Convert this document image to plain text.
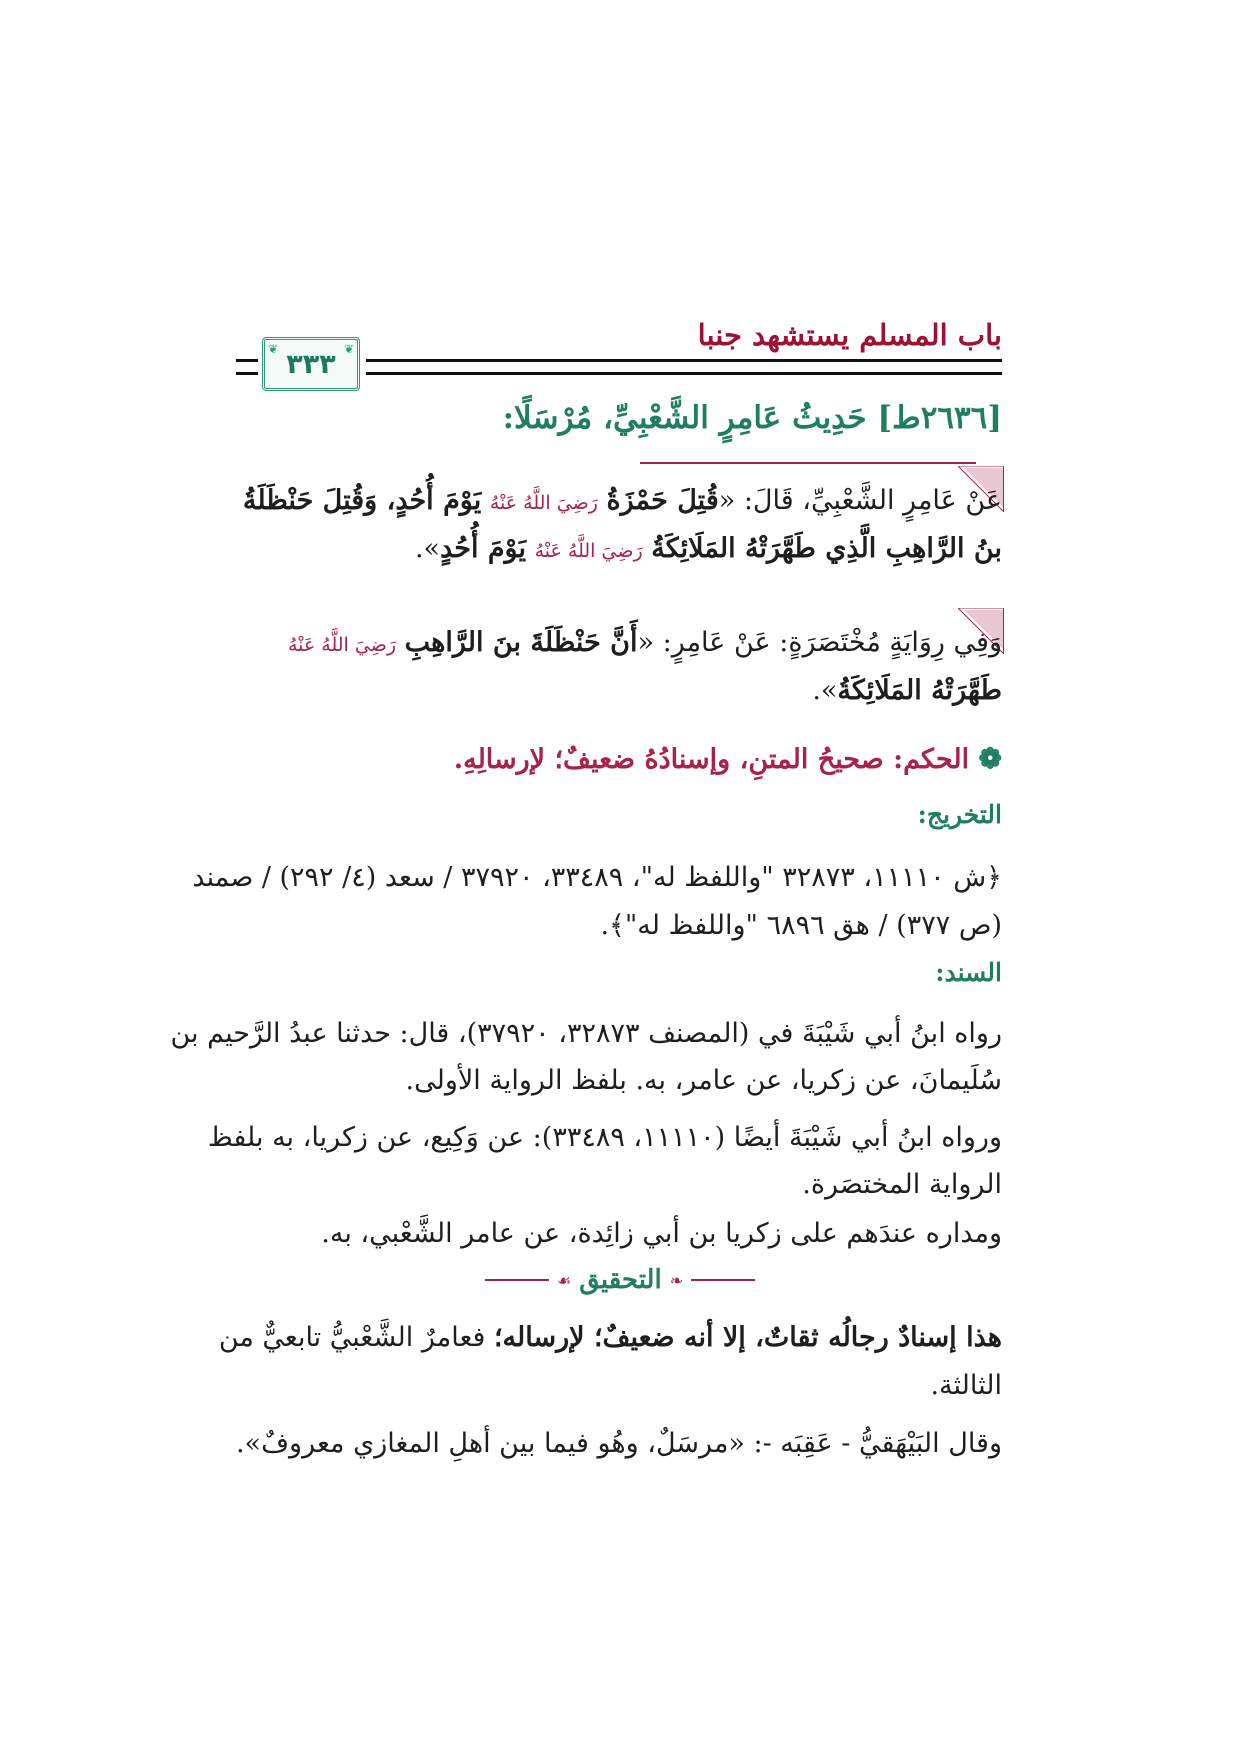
باب المسلم يستشهد جنبا
❦ ٣٣٣
❦
[٢٦٣٦ط] حَدِيثُ عَامِرٍ الشَّعْبِيِّ، مُرْسَلًا:
عَنْ عَامِرٍ الشَّعْبِيِّ، قَالَ: «قُتِلَ حَمْزَةُ رَضِيَ اللَّهُ عَنْهُ يَوْمَ أُحُدٍ، وَقُتِلَ حَنْظَلَةُ بنُ الرَّاهِبِ الَّذِي طَهَّرَتْهُ المَلَائِكَةُ رَضِيَ اللَّهُ عَنْهُ يَوْمَ أُحُدٍ».
وَفِي رِوَايَةٍ مُخْتَصَرَةٍ: عَنْ عَامِرٍ: «أَنَّ حَنْظَلَةَ بنَ الرَّاهِبِ رَضِيَ اللَّهُ عَنْهُ طَهَّرَتْهُ المَلَائِكَةُ».
❁ الحكم: صحيحُ المتنِ، وإسنادُهُ ضعيفٌ؛ لإرسالِهِ.
التخريج:
﴿ش ١١١١٠، ٣٢٨٧٣ "واللفظ له"، ٣٣٤٨٩، ٣٧٩٢٠ / سعد (٤/ ٢٩٢) / صمند (ص ٣٧٧) / هق ٦٨٩٦ "واللفظ له"﴾.
السند:
رواه ابنُ أبي شَيْبَةَ في (المصنف ٣٢٨٧٣، ٣٧٩٢٠)، قال: حدثنا عبدُ الرَّحيم بن سُلَيمانَ، عن زكريا، عن عامر، به. بلفظ الرواية الأولى.
ورواه ابنُ أبي شَيْبَةَ أيضًا (١١١١٠، ٣٣٤٨٩): عن وَكِيع، عن زكريا، به بلفظ الرواية المختصَرة.
ومداره عندَهم على زكريا بن أبي زائِدة، عن عامر الشَّعْبي، به.
❧
التحقيق
☙
هذا إسنادٌ رجالُه ثقاتٌ، إلا أنه ضعيفٌ؛ لإرساله؛ فعامرٌ الشَّعْبيُّ تابعيٌّ من الثالثة.
وقال البَيْهَقيُّ - عَقِبَه -: «مرسَلٌ، وهُو فيما بين أهلِ المغازي معروفٌ».
